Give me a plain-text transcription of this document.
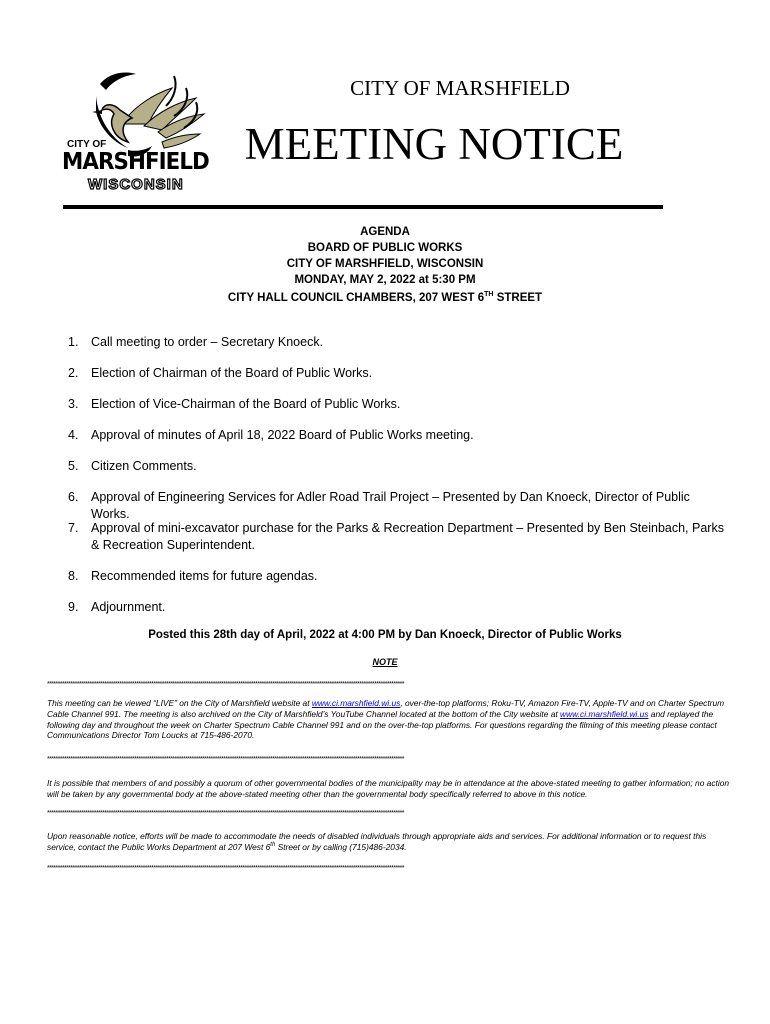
CITY OF
MARSHFIELD
WISCONSIN
CITY OF MARSHFIELD
MEETING NOTICE
AGENDA
BOARD OF PUBLIC WORKS
CITY OF MARSHFIELD, WISCONSIN
MONDAY, MAY 2, 2022 at 5:30 PM
CITY HALL COUNCIL CHAMBERS, 207 WEST 6TH STREET
1.	Call meeting to order – Secretary Knoeck.
2.	Election of Chairman of the Board of Public Works.
3.	Election of Vice-Chairman of the Board of Public Works.
4.	Approval of minutes of April 18, 2022 Board of Public Works meeting.
5.	Citizen Comments.
6.	Approval of Engineering Services for Adler Road Trail Project – Presented by Dan Knoeck, Director of Public Works.
7.	Approval of mini-excavator purchase for the Parks & Recreation Department – Presented by Ben Steinbach, Parks & Recreation Superintendent.
8.	Recommended items for future agendas.
9.	Adjournment.
Posted this 28th day of April, 2022 at 4:00 PM by Dan Knoeck, Director of Public Works
NOTE
************************************************************************************************************************************************************************
This meeting can be viewed “LIVE” on the City of Marshfield website at www.ci.marshfield.wi.us, over-the-top platforms; Roku-TV, Amazon Fire-TV, Apple-TV and on Charter Spectrum Cable Channel 991. The meeting is also archived on the City of Marshfield’s YouTube Channel located at the bottom of the City website at www.ci.marshfield.wi.us and replayed the following day and throughout the week on Charter Spectrum Cable Channel 991 and on the over-the-top platforms. For questions regarding the filming of this meeting please contact Communications Director Tom Loucks at 715-486-2070.
************************************************************************************************************************************************************************
It is possible that members of and possibly a quorum of other governmental bodies of the municipality may be in attendance at the above-stated meeting to gather information; no action will be taken by any governmental body at the above-stated meeting other than the governmental body specifically referred to above in this notice.
************************************************************************************************************************************************************************
Upon reasonable notice, efforts will be made to accommodate the needs of disabled individuals through appropriate aids and services. For additional information or to request this service, contact the Public Works Department at 207 West 6th Street or by calling (715)486-2034.
************************************************************************************************************************************************************************
